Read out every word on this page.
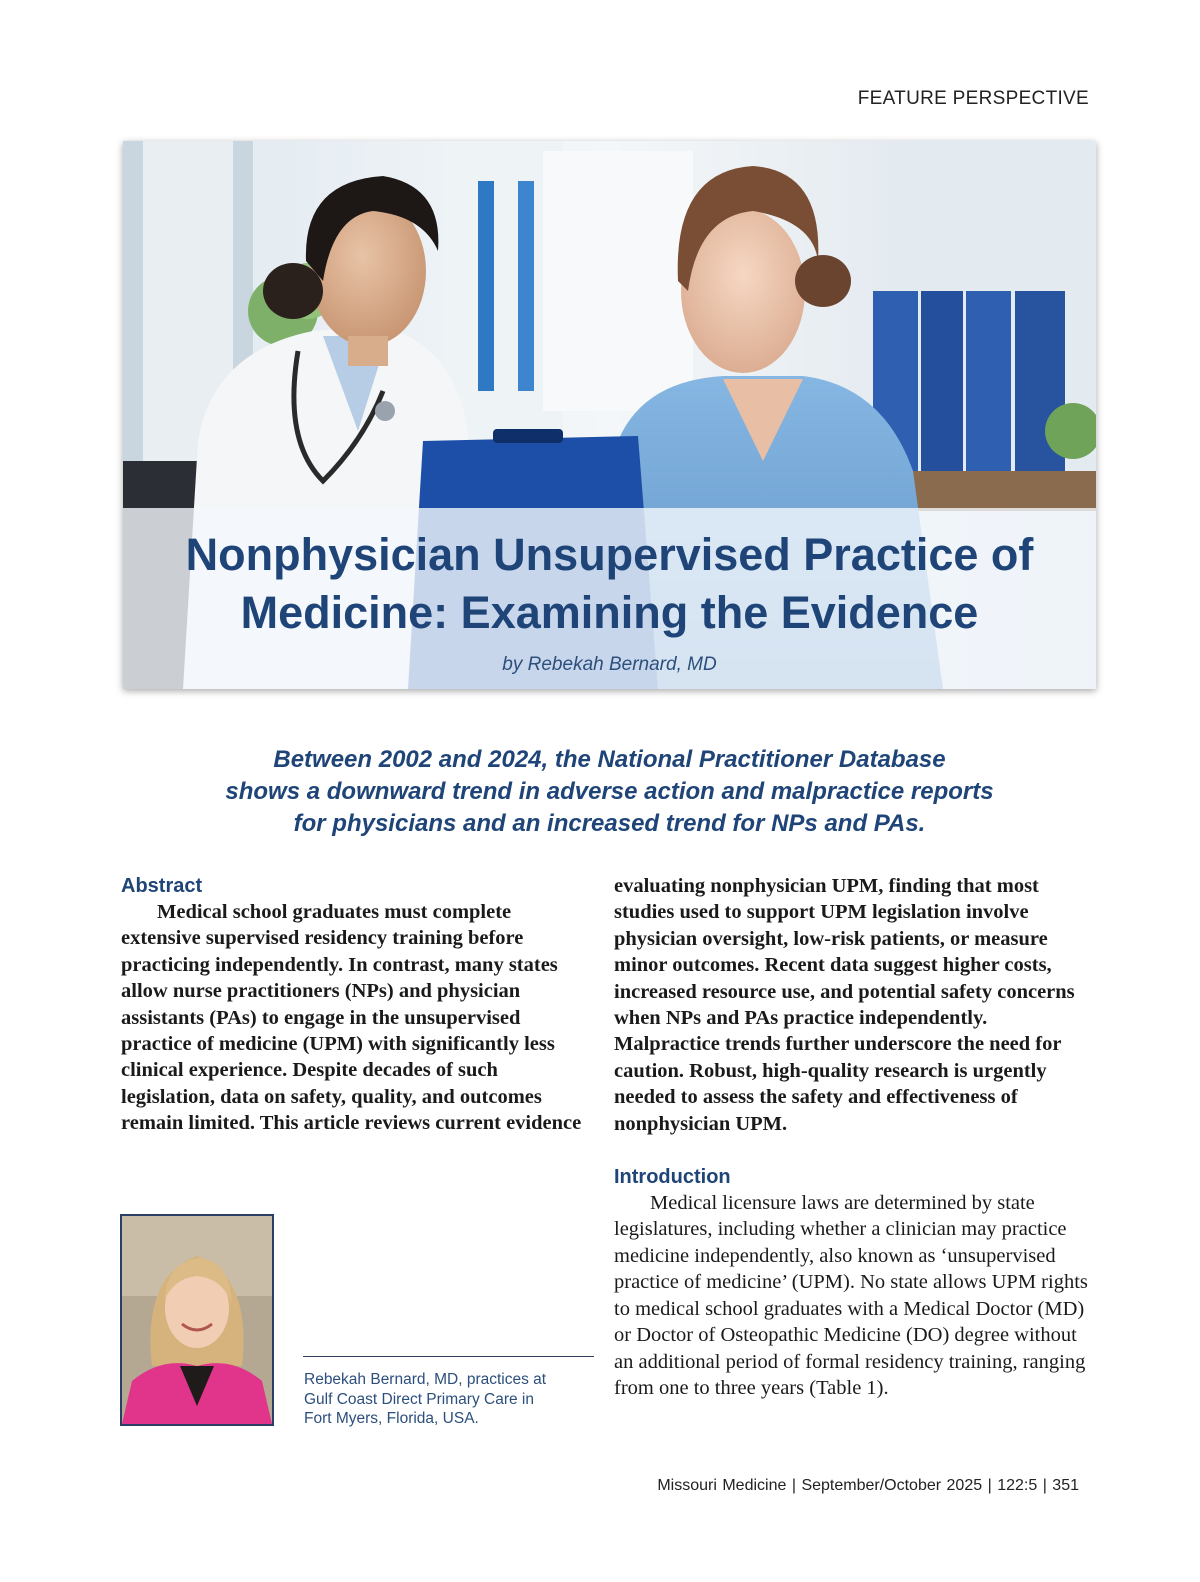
FEATURE PERSPECTIVE
Nonphysician Unsupervised Practice of
Medicine: Examining the Evidence
by Rebekah Bernard, MD
Between 2002 and 2024, the National Practitioner Database
shows a downward trend in adverse action and malpractice reports
for physicians and an increased trend for NPs and PAs.

Abstract

Medical school graduates must complete extensive supervised residency training before practicing independently. In contrast, many states allow nurse practitioners (NPs) and physician assistants (PAs) to engage in the unsupervised practice of medicine (UPM) with significantly less clinical experience. Despite decades of such legislation, data on safety, quality, and outcomes remain limited. This article reviews current evidence

evaluating nonphysician UPM, finding that most studies used to support UPM legislation involve physician oversight, low-risk patients, or measure minor outcomes. Recent data suggest higher costs, increased resource use, and potential safety concerns when NPs and PAs practice independently. Malpractice trends further underscore the need for caution. Robust, high-quality research is urgently needed to assess the safety and effectiveness of nonphysician UPM.

Introduction

Medical licensure laws are determined by state legislatures, including whether a clinician may practice medicine independently, also known as ‘unsupervised practice of medicine’ (UPM). No state allows UPM rights to medical school graduates with a Medical Doctor (MD) or Doctor of Osteopathic Medicine (DO) degree without an additional period of formal residency training, ranging from one to three years (Table 1).

Rebekah Bernard, MD, practices at
Gulf Coast Direct Primary Care in
Fort Myers, Florida, USA.
Missouri Medicine | September/October 2025 | 122:5 | 351
